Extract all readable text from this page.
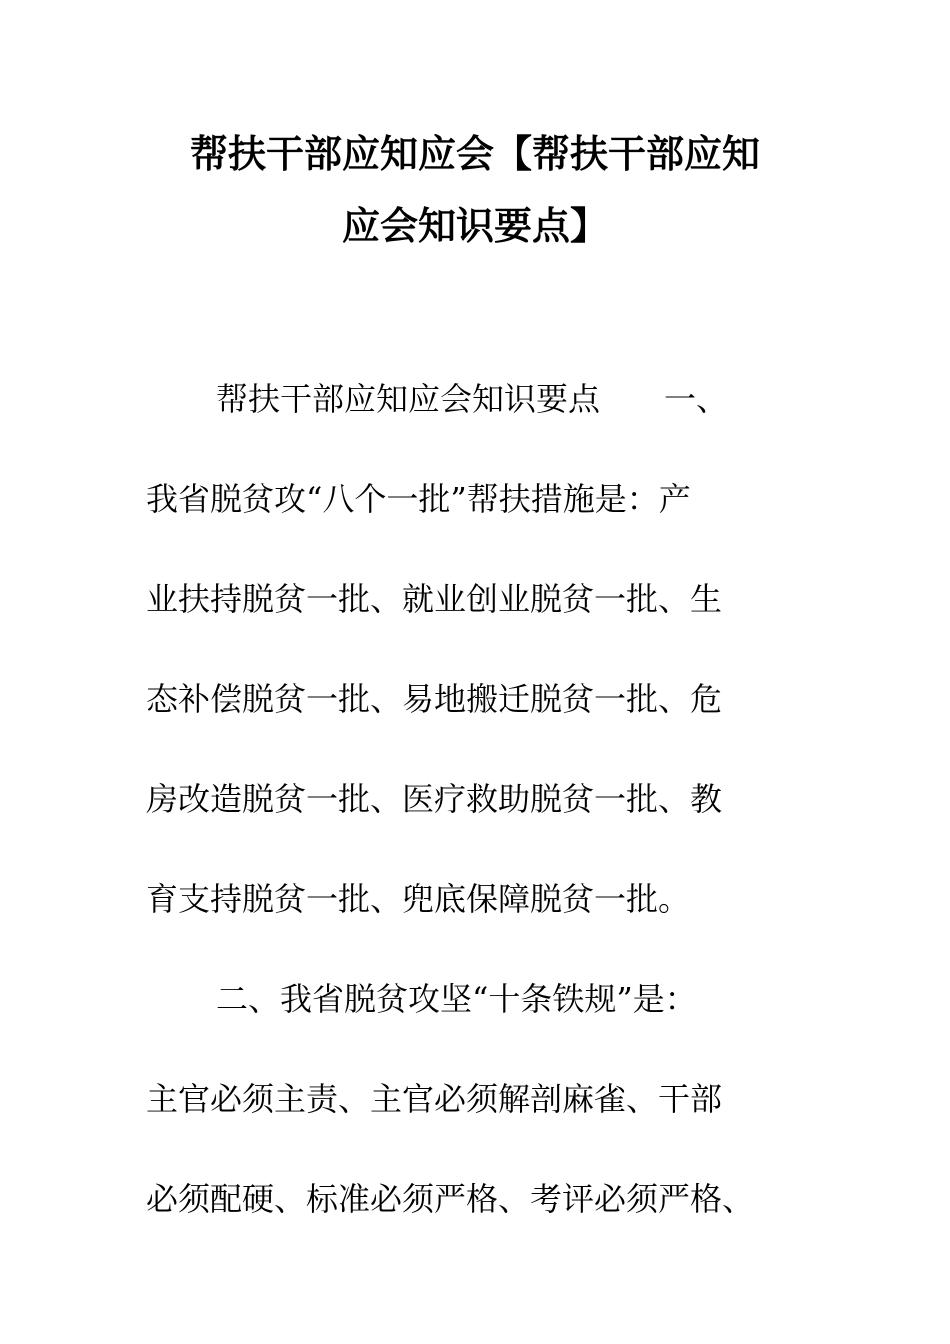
帮扶干部应知应会【帮扶干部应知
应会知识要点】
帮扶干部应知应会知识要点　　一、
我省脱贫攻“八个一批”帮扶措施是：产
业扶持脱贫一批、就业创业脱贫一批、生
态补偿脱贫一批、易地搬迁脱贫一批、危
房改造脱贫一批、医疗救助脱贫一批、教
育支持脱贫一批、兜底保障脱贫一批。
二、我省脱贫攻坚“十条铁规”是：
主官必须主责、主官必须解剖麻雀、干部
必须配硬、标准必须严格、考评必须严格、
